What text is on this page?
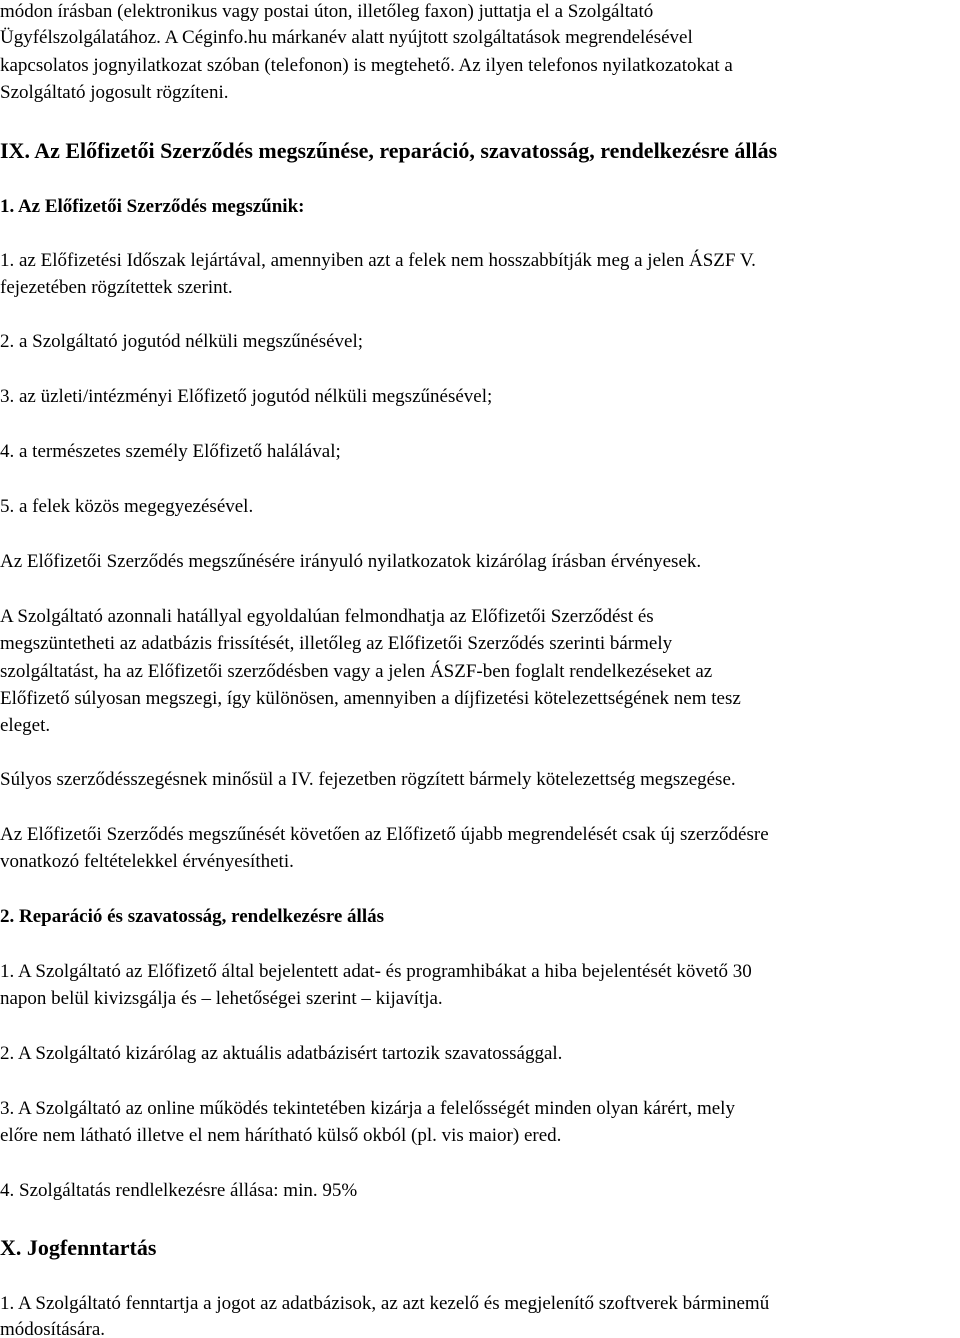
módon írásban (elektronikus vagy postai úton, illetőleg faxon) juttatja el a Szolgáltató

Ügyfélszolgálatához. A Céginfo.hu márkanév alatt nyújtott szolgáltatások megrendelésével

kapcsolatos jognyilatkozat szóban (telefonon) is megtehető. Az ilyen telefonos nyilatkozatokat a

Szolgáltató jogosult rögzíteni.

IX. Az Előfizetői Szerződés megszűnése, reparáció, szavatosság, rendelkezésre állás
1. Az Előfizetői Szerződés megszűnik:

1. az Előfizetési Időszak lejártával, amennyiben azt a felek nem hosszabbítják meg a jelen ÁSZF V.

fejezetében rögzítettek szerint.

2. a Szolgáltató jogutód nélküli megszűnésével;

3. az üzleti/intézményi Előfizető jogutód nélküli megszűnésével;

4. a természetes személy Előfizető halálával;

5. a felek közös megegyezésével.

Az Előfizetői Szerződés megszűnésére irányuló nyilatkozatok kizárólag írásban érvényesek.

A Szolgáltató azonnali hatállyal egyoldalúan felmondhatja az Előfizetői Szerződést és

megszüntetheti az adatbázis frissítését, illetőleg az Előfizetői Szerződés szerinti bármely

szolgáltatást, ha az Előfizetői szerződésben vagy a jelen ÁSZF-ben foglalt rendelkezéseket az

Előfizető súlyosan megszegi, így különösen, amennyiben a díjfizetési kötelezettségének nem tesz

eleget.

Súlyos szerződésszegésnek minősül a IV. fejezetben rögzített bármely kötelezettség megszegése.

Az Előfizetői Szerződés megszűnését követően az Előfizető újabb megrendelését csak új szerződésre

vonatkozó feltételekkel érvényesítheti.

2. Reparáció és szavatosság, rendelkezésre állás

1. A Szolgáltató az Előfizető által bejelentett adat- és programhibákat a hiba bejelentését követő 30

napon belül kivizsgálja és – lehetőségei szerint – kijavítja.

2. A Szolgáltató kizárólag az aktuális adatbázisért tartozik szavatossággal.

3. A Szolgáltató az online működés tekintetében kizárja a felelősségét minden olyan kárért, mely

előre nem látható illetve el nem hárítható külső okból (pl. vis maior) ered.

4. Szolgáltatás rendlelkezésre állása: min. 95%

X. Jogfenntartás

1. A Szolgáltató fenntartja a jogot az adatbázisok, az azt kezelő és megjelenítő szoftverek bárminemű

módosítására.
